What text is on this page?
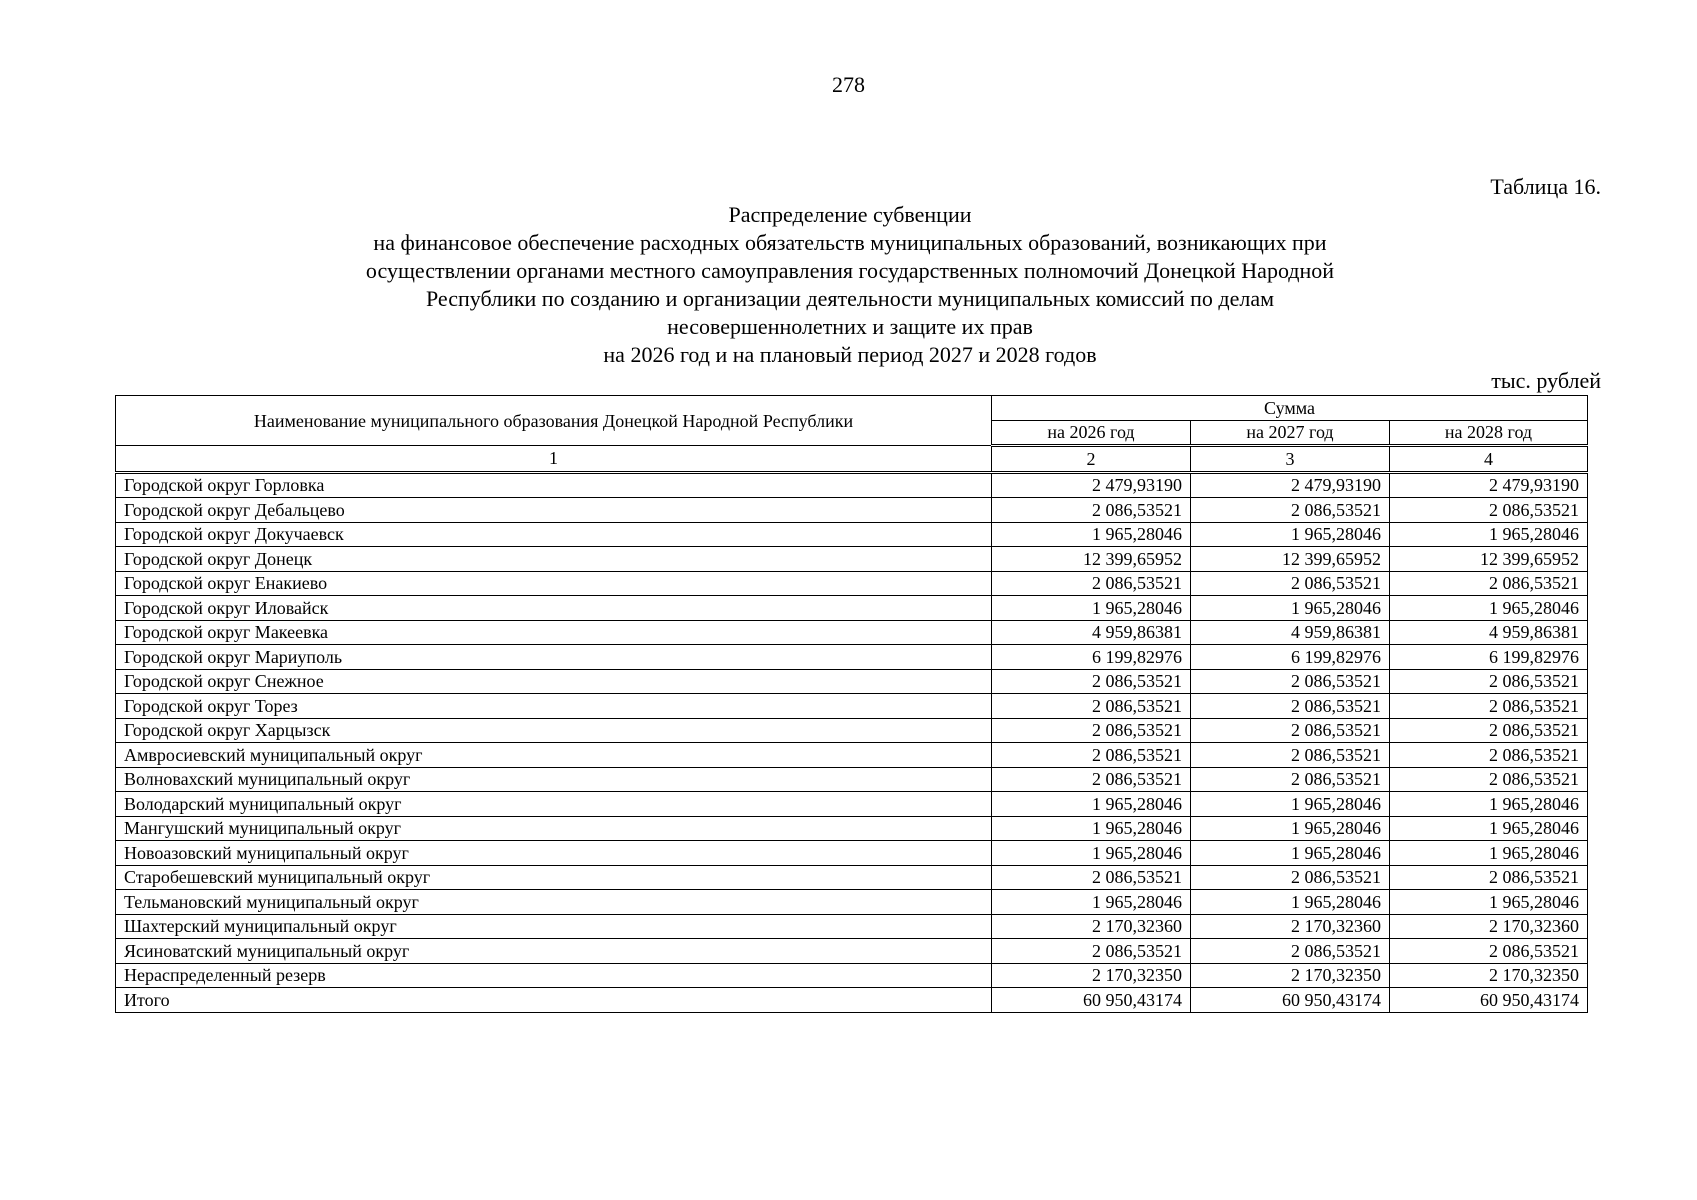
278
Таблица 16.
Распределение субвенции
на финансовое обеспечение расходных обязательств муниципальных образований, возникающих при
осуществлении органами местного самоуправления государственных полномочий Донецкой Народной
Республики по созданию и организации деятельности муниципальных комиссий по делам
несовершеннолетних и защите их прав
на 2026 год и на плановый период 2027 и 2028 годов
тыс. рублей
Наименование муниципального образования Донецкой Народной Республики	Сумма		
	на 2026 год	на 2027 год	на 2028 год
1	2	3	4
Городской округ Горловка	2 479,93190	2 479,93190	2 479,93190
Городской округ Дебальцево	2 086,53521	2 086,53521	2 086,53521
Городской округ Докучаевск	1 965,28046	1 965,28046	1 965,28046
Городской округ Донецк	12 399,65952	12 399,65952	12 399,65952
Городской округ Енакиево	2 086,53521	2 086,53521	2 086,53521
Городской округ Иловайск	1 965,28046	1 965,28046	1 965,28046
Городской округ Макеевка	4 959,86381	4 959,86381	4 959,86381
Городской округ Мариуполь	6 199,82976	6 199,82976	6 199,82976
Городской округ Снежное	2 086,53521	2 086,53521	2 086,53521
Городской округ Торез	2 086,53521	2 086,53521	2 086,53521
Городской округ Харцызск	2 086,53521	2 086,53521	2 086,53521
Амвросиевский муниципальный округ	2 086,53521	2 086,53521	2 086,53521
Волновахский муниципальный округ	2 086,53521	2 086,53521	2 086,53521
Володарский муниципальный округ	1 965,28046	1 965,28046	1 965,28046
Мангушский муниципальный округ	1 965,28046	1 965,28046	1 965,28046
Новоазовский муниципальный округ	1 965,28046	1 965,28046	1 965,28046
Старобешевский муниципальный округ	2 086,53521	2 086,53521	2 086,53521
Тельмановский муниципальный округ	1 965,28046	1 965,28046	1 965,28046
Шахтерский муниципальный округ	2 170,32360	2 170,32360	2 170,32360
Ясиноватский муниципальный округ	2 086,53521	2 086,53521	2 086,53521
Нераспределенный резерв	2 170,32350	2 170,32350	2 170,32350
Итого	60 950,43174	60 950,43174	60 950,43174
